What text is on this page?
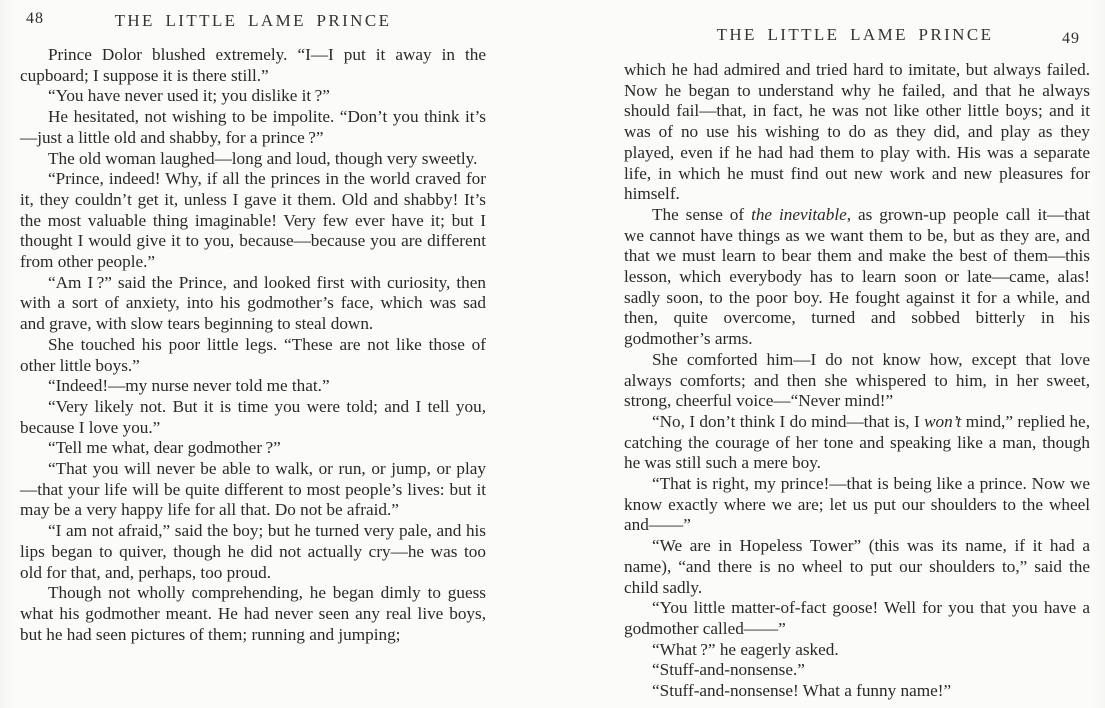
48	THE LITTLE LAME PRINCE

Prince Dolor blushed extremely. “I—I put it away in the cupboard; I suppose it is there still.”

“You have never used it; you dislike it ?”

He hesitated, not wishing to be impolite. “Don’t you think it’s—just a little old and shabby, for a prince ?”

The old woman laughed—long and loud, though very sweetly.

“Prince, indeed! Why, if all the princes in the world craved for it, they couldn’t get it, unless I gave it them. Old and shabby! It’s the most valuable thing imaginable! Very few ever have it; but I thought I would give it to you, because—because you are different from other people.”

“Am I ?” said the Prince, and looked first with curiosity, then with a sort of anxiety, into his godmother’s face, which was sad and grave, with slow tears beginning to steal down.

She touched his poor little legs. “These are not like those of other little boys.”

“Indeed!—my nurse never told me that.”

“Very likely not. But it is time you were told; and I tell you, because I love you.”

“Tell me what, dear godmother ?”

“That you will never be able to walk, or run, or jump, or play—that your life will be quite different to most people’s lives: but it may be a very happy life for all that. Do not be afraid.”

“I am not afraid,” said the boy; but he turned very pale, and his lips began to quiver, though he did not actually cry—he was too old for that, and, perhaps, too proud.

Though not wholly comprehending, he began dimly to guess what his godmother meant. He had never seen any real live boys, but he had seen pictures of them; running and jumping;

THE LITTLE LAME PRINCE	49

which he had admired and tried hard to imitate, but always failed. Now he began to understand why he failed, and that he always should fail—that, in fact, he was not like other little boys; and it was of no use his wishing to do as they did, and play as they played, even if he had had them to play with. His was a separate life, in which he must find out new work and new pleasures for himself.

The sense of the inevitable, as grown-up people call it—that we cannot have things as we want them to be, but as they are, and that we must learn to bear them and make the best of them—this lesson, which everybody has to learn soon or late—came, alas! sadly soon, to the poor boy. He fought against it for a while, and then, quite overcome, turned and sobbed bitterly in his godmother’s arms.

She comforted him—I do not know how, except that love always comforts; and then she whispered to him, in her sweet, strong, cheerful voice—“Never mind!”

“No, I don’t think I do mind—that is, I won’t mind,” replied he, catching the courage of her tone and speaking like a man, though he was still such a mere boy.

“That is right, my prince!—that is being like a prince. Now we know exactly where we are; let us put our shoulders to the wheel and——”

“We are in Hopeless Tower” (this was its name, if it had a name), “and there is no wheel to put our shoulders to,” said the child sadly.

“You little matter-of-fact goose! Well for you that you have a godmother called——”

“What ?” he eagerly asked.

“Stuff-and-nonsense.”

“Stuff-and-nonsense! What a funny name!”
